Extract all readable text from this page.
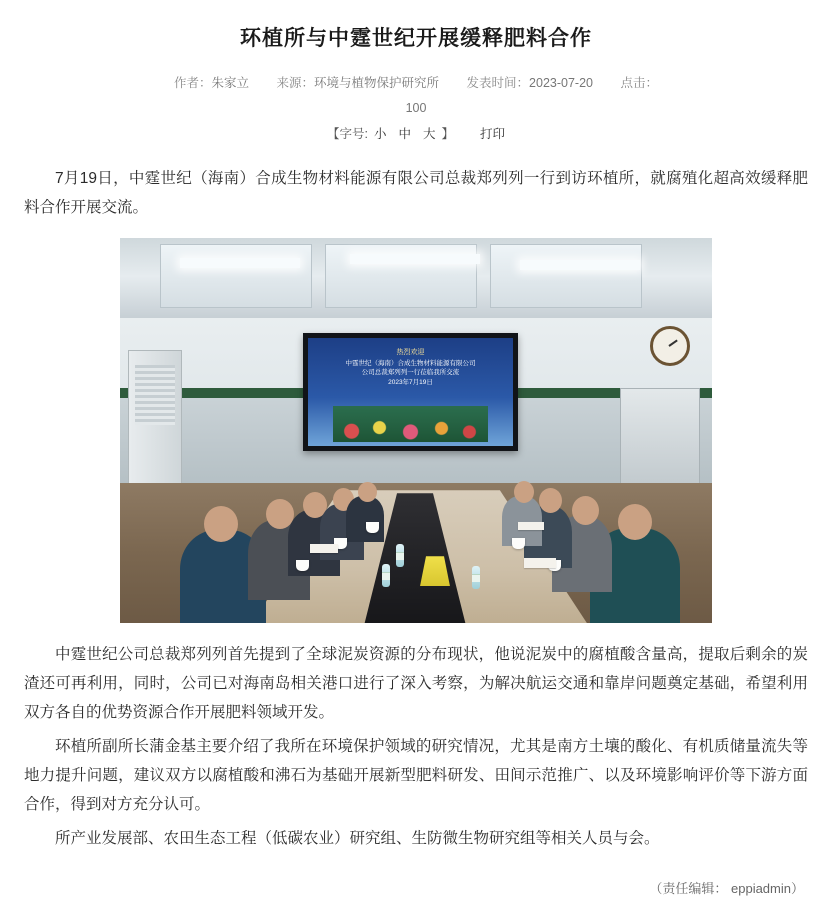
环植所与中霆世纪开展缓释肥料合作
作者：朱家立 来源：环境与植物保护研究所 发表时间：2023-07-20 点击：
100
【字号: 小 中 大 】 打印

7月19日，中霆世纪（海南）合成生物材料能源有限公司总裁郑列列一行到访环植所，就腐殖化超高效缓释肥料合作开展交流。

热烈欢迎
中霆世纪（海南）合成生物材料能源有限公司
公司总裁郑列列一行莅临我所交流
2023年7月19日

中霆世纪公司总裁郑列列首先提到了全球泥炭资源的分布现状，他说泥炭中的腐植酸含量高，提取后剩余的炭渣还可再利用，同时，公司已对海南岛相关港口进行了深入考察，为解决航运交通和靠岸问题奠定基础，希望利用双方各自的优势资源合作开展肥料领域开发。

环植所副所长蒲金基主要介绍了我所在环境保护领域的研究情况，尤其是南方土壤的酸化、有机质储量流失等地力提升问题，建议双方以腐植酸和沸石为基础开展新型肥料研发、田间示范推广、以及环境影响评价等下游方面合作，得到对方充分认可。

所产业发展部、农田生态工程（低碳农业）研究组、生防微生物研究组等相关人员与会。

（责任编辑： eppiadmin）
